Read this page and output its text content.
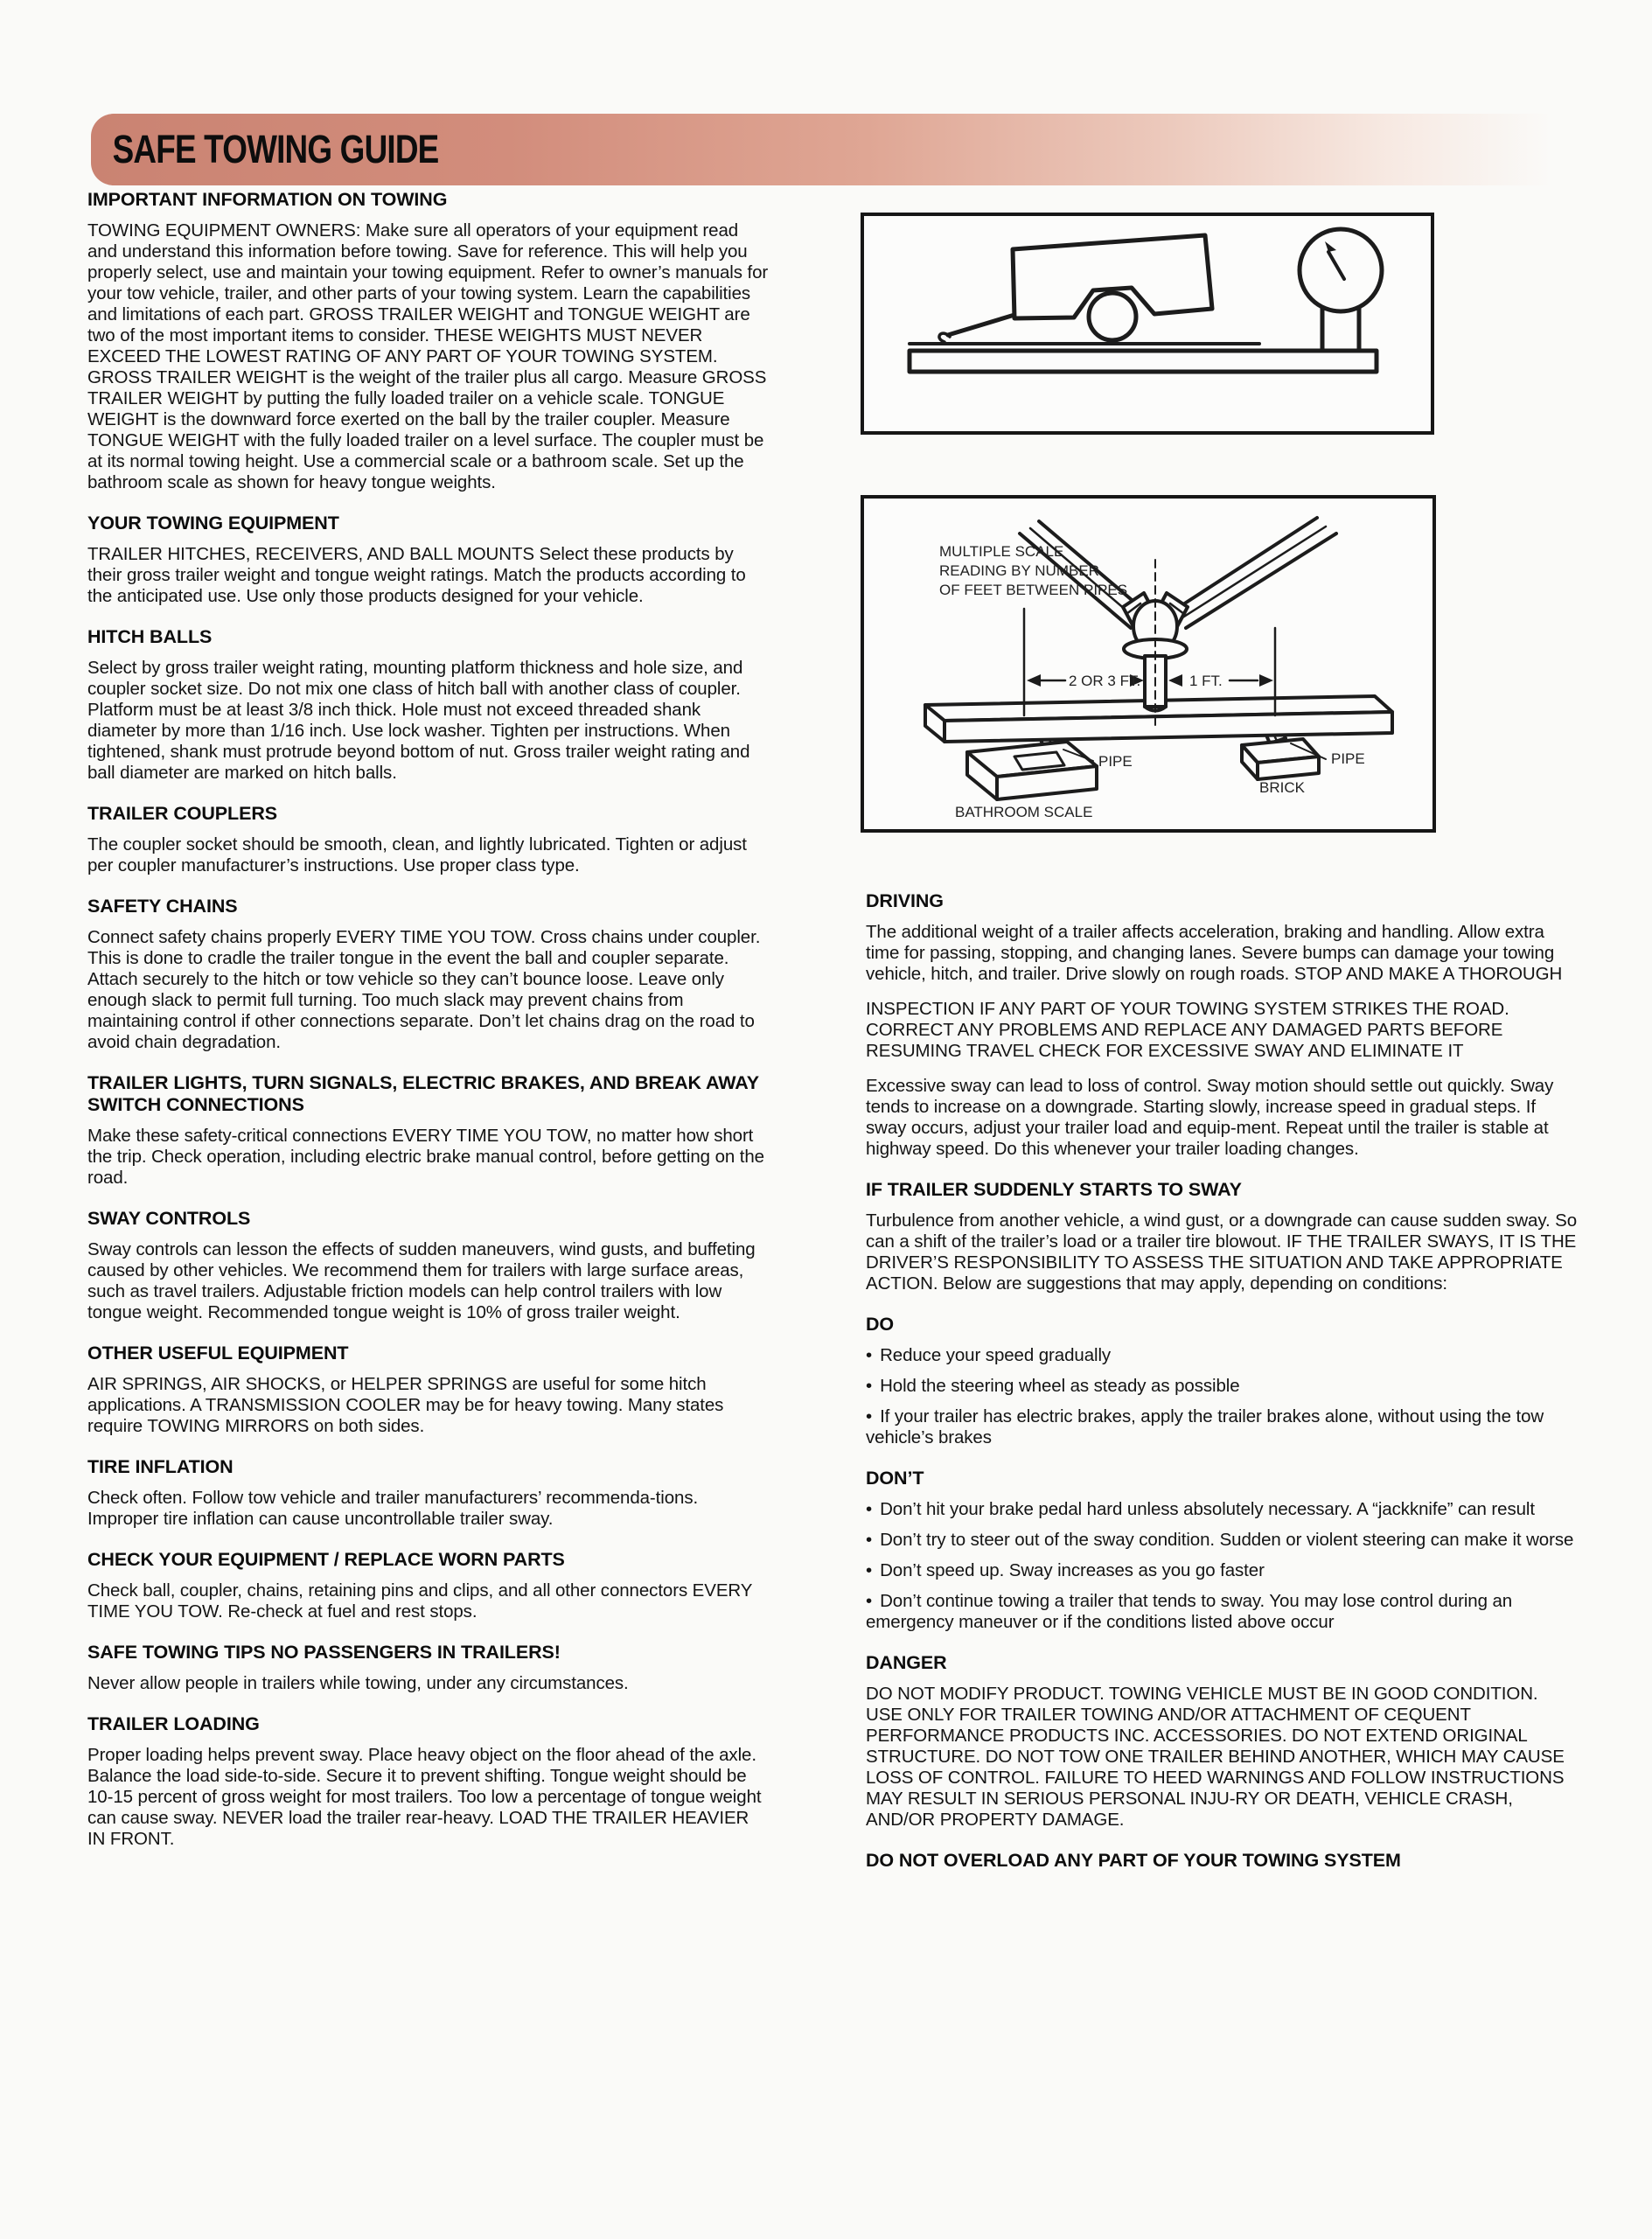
SAFE TOWING GUIDE
IMPORTANT INFORMATION ON TOWING

TOWING EQUIPMENT OWNERS: Make sure all operators of your equipment read and understand this information before towing. Save for reference. This will help you properly select, use and maintain your towing equipment. Refer to owner’s manuals for your tow vehicle, trailer, and other parts of your towing system. Learn the capabilities and limitations of each part. GROSS TRAILER WEIGHT and TONGUE WEIGHT are two of the most important items to consider. THESE WEIGHTS MUST NEVER EXCEED THE LOWEST RATING OF ANY PART OF YOUR TOWING SYSTEM. GROSS TRAILER WEIGHT is the weight of the trailer plus all cargo. Measure GROSS TRAILER WEIGHT by putting the fully loaded trailer on a vehicle scale. TONGUE WEIGHT is the downward force exerted on the ball by the trailer coupler. Measure TONGUE WEIGHT with the fully loaded trailer on a level surface. The coupler must be at its normal towing height. Use a commercial scale or a bathroom scale. Set up the bathroom scale as shown for heavy tongue weights.

YOUR TOWING EQUIPMENT

TRAILER HITCHES, RECEIVERS, AND BALL MOUNTS Select these products by their gross trailer weight and tongue weight ratings. Match the products according to the anticipated use. Use only those products designed for your vehicle.

HITCH BALLS

Select by gross trailer weight rating, mounting platform thickness and hole size, and coupler socket size. Do not mix one class of hitch ball with another class of coupler. Platform must be at least 3/8 inch thick. Hole must not exceed threaded shank diameter by more than 1/16 inch. Use lock washer. Tighten per instructions. When tightened, shank must protrude beyond bottom of nut. Gross trailer weight rating and ball diameter are marked on hitch balls.

TRAILER COUPLERS

The coupler socket should be smooth, clean, and lightly lubricated. Tighten or adjust per coupler manufacturer’s instructions. Use proper class type.

SAFETY CHAINS

Connect safety chains properly EVERY TIME YOU TOW. Cross chains under coupler. This is done to cradle the trailer tongue in the event the ball and coupler separate. Attach securely to the hitch or tow vehicle so they can’t bounce loose. Leave only enough slack to permit full turning. Too much slack may prevent chains from maintaining control if other connections separate. Don’t let chains drag on the road to avoid chain degradation.

TRAILER LIGHTS, TURN SIGNALS, ELECTRIC BRAKES, AND BREAK AWAY SWITCH CONNECTIONS

Make these safety-critical connections EVERY TIME YOU TOW, no matter how short the trip. Check operation, including electric brake manual control, before getting on the road.

SWAY CONTROLS

Sway controls can lesson the effects of sudden maneuvers, wind gusts, and buffeting caused by other vehicles. We recommend them for trailers with large surface areas, such as travel trailers. Adjustable friction models can help control trailers with low tongue weight. Recommended tongue weight is 10% of gross trailer weight.

OTHER USEFUL EQUIPMENT

AIR SPRINGS, AIR SHOCKS, or HELPER SPRINGS are useful for some hitch applications. A TRANSMISSION COOLER may be for heavy towing. Many states require TOWING MIRRORS on both sides.

TIRE INFLATION

Check often. Follow tow vehicle and trailer manufacturers’ recommenda-tions. Improper tire inflation can cause uncontrollable trailer sway.

CHECK YOUR EQUIPMENT / REPLACE WORN PARTS

Check ball, coupler, chains, retaining pins and clips, and all other connectors EVERY TIME YOU TOW. Re-check at fuel and rest stops.

SAFE TOWING TIPS NO PASSENGERS IN TRAILERS!

Never allow people in trailers while towing, under any circumstances.

TRAILER LOADING

Proper loading helps prevent sway. Place heavy object on the floor ahead of the axle. Balance the load side-to-side. Secure it to prevent shifting. Tongue weight should be 10-15 percent of gross weight for most trailers. Too low a percentage of tongue weight can cause sway. NEVER load the trailer rear-heavy. LOAD THE TRAILER HEAVIER IN FRONT.

MULTIPLE SCALE
READING BY NUMBER
OF FEET BETWEEN PIPES
2 OR 3 FT.	1 FT.
PIPE	PIPE
BRICK
BATHROOM SCALE
DRIVING

The additional weight of a trailer affects acceleration, braking and handling. Allow extra time for passing, stopping, and changing lanes. Severe bumps can damage your towing vehicle, hitch, and trailer. Drive slowly on rough roads. STOP AND MAKE A THOROUGH

INSPECTION IF ANY PART OF YOUR TOWING SYSTEM STRIKES THE ROAD. CORRECT ANY PROBLEMS AND REPLACE ANY DAMAGED PARTS BEFORE RESUMING TRAVEL CHECK FOR EXCESSIVE SWAY AND ELIMINATE IT

Excessive sway can lead to loss of control. Sway motion should settle out quickly. Sway tends to increase on a downgrade. Starting slowly, increase speed in gradual steps. If sway occurs, adjust your trailer load and equip-ment. Repeat until the trailer is stable at highway speed. Do this whenever your trailer loading changes.

IF TRAILER SUDDENLY STARTS TO SWAY

Turbulence from another vehicle, a wind gust, or a downgrade can cause sudden sway. So can a shift of the trailer’s load or a trailer tire blowout. IF THE TRAILER SWAYS, IT IS THE DRIVER’S RESPONSIBILITY TO ASSESS THE SITUATION AND TAKE APPROPRIATE ACTION. Below are suggestions that may apply, depending on conditions:

DO

• Reduce your speed gradually

• Hold the steering wheel as steady as possible

• If your trailer has electric brakes, apply the trailer brakes alone, without using the tow vehicle’s brakes

DON’T

• Don’t hit your brake pedal hard unless absolutely necessary. A “jackknife” can result

• Don’t try to steer out of the sway condition. Sudden or violent steering can make it worse

• Don’t speed up. Sway increases as you go faster

• Don’t continue towing a trailer that tends to sway. You may lose control during an emergency maneuver or if the conditions listed above occur

DANGER

DO NOT MODIFY PRODUCT. TOWING VEHICLE MUST BE IN GOOD CONDITION. USE ONLY FOR TRAILER TOWING AND/OR ATTACHMENT OF CEQUENT PERFORMANCE PRODUCTS INC. ACCESSORIES. DO NOT EXTEND ORIGINAL STRUCTURE. DO NOT TOW ONE TRAILER BEHIND ANOTHER, WHICH MAY CAUSE LOSS OF CONTROL. FAILURE TO HEED WARNINGS AND FOLLOW INSTRUCTIONS MAY RESULT IN SERIOUS PERSONAL INJU-RY OR DEATH, VEHICLE CRASH, AND/OR PROPERTY DAMAGE.

DO NOT OVERLOAD ANY PART OF YOUR TOWING SYSTEM
